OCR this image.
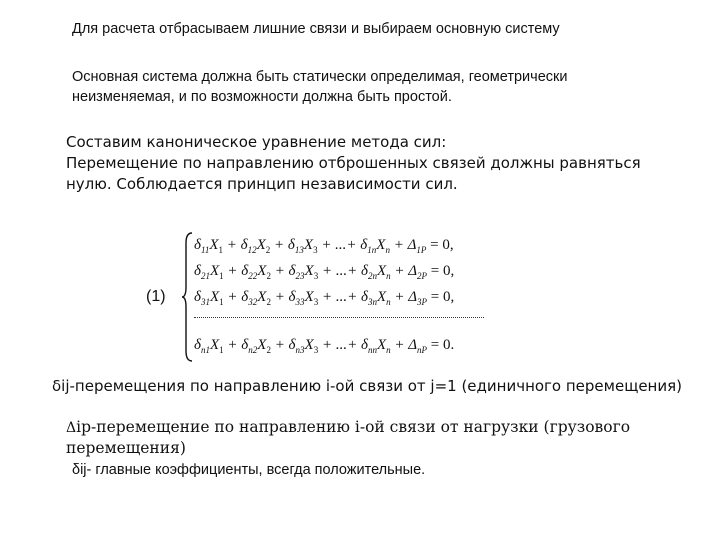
Для расчета отбрасываем лишние связи и выбираем основную систему
Основная система должна быть статически определимая, геометрически
неизменяемая, и по возможности должна быть простой.
Составим каноническое уравнение метода сил:
Перемещение по направлению отброшенных связей должны равняться
нулю. Соблюдается принцип независимости сил.
(1)
$\delta_{11}X_1 + \delta_{12}X_2 + \delta_{13}X_3$ + ...+ $\delta_{1n}X_n + \Delta_{1P} = 0$,
$\delta_{21}X_1 + \delta_{22}X_2 + \delta_{23}X_3$ + ...+ $\delta_{2n}X_n + \Delta_{2P} = 0$,
$\delta_{31}X_1 + \delta_{32}X_2 + \delta_{33}X_3$ + ...+ $\delta_{3n}X_n + \Delta_{3P} = 0$,
$\delta_{n1}X_1 + \delta_{n2}X_2 + \delta_{n3}X_3$ + ...+ $\delta_{nn}X_n + \Delta_{nP} = 0$.
δij-перемещения по направлению i-ой связи от j=1 (единичного перемещения)
Δip-перемещение по направлению i-ой связи от нагрузки (грузового
перемещения)
δij- главные коэффициенты, всегда положительные.
